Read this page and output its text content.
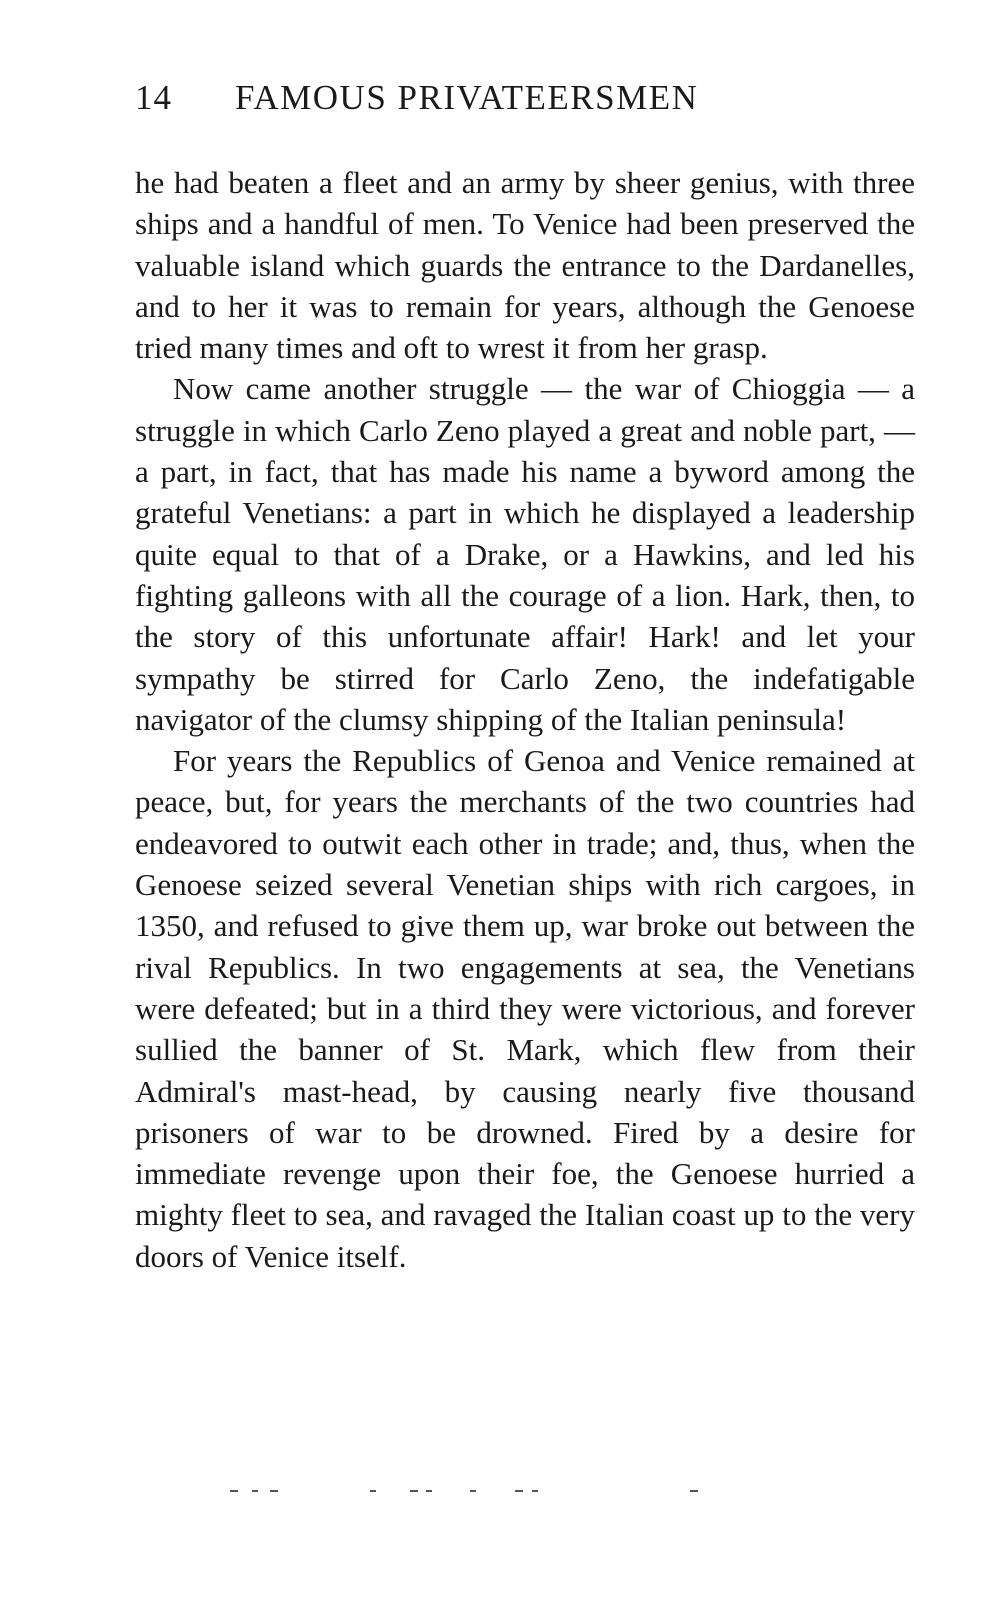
14 FAMOUS PRIVATEERSMEN

he had beaten a fleet and an army by sheer genius, with three ships and a handful of men. To Venice had been preserved the valuable island which guards the entrance to the Dardanelles, and to her it was to remain for years, although the Genoese tried many times and oft to wrest it from her grasp.

Now came another struggle — the war of Chioggia — a struggle in which Carlo Zeno played a great and noble part, — a part, in fact, that has made his name a byword among the grateful Venetians: a part in which he displayed a leadership quite equal to that of a Drake, or a Hawkins, and led his fighting galleons with all the courage of a lion. Hark, then, to the story of this unfortunate affair! Hark! and let your sympathy be stirred for Carlo Zeno, the indefatigable navigator of the clumsy shipping of the Italian peninsula!

For years the Republics of Genoa and Venice remained at peace, but, for years the merchants of the two countries had endeavored to outwit each other in trade; and, thus, when the Genoese seized several Venetian ships with rich cargoes, in 1350, and refused to give them up, war broke out between the rival Republics. In two engagements at sea, the Venetians were defeated; but in a third they were victorious, and forever sullied the banner of St. Mark, which flew from their Admiral's mast-head, by causing nearly five thousand prisoners of war to be drowned. Fired by a desire for immediate revenge upon their foe, the Genoese hurried a mighty fleet to sea, and ravaged the Italian coast up to the very doors of Venice itself.
